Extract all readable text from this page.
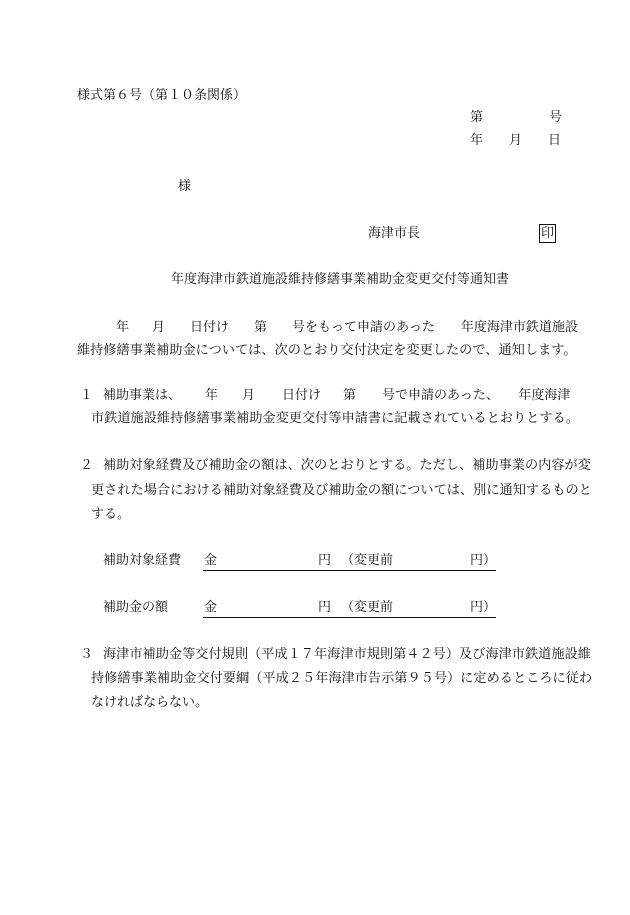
様式第６号（第１０条関係）
第	号
年 月 日
様
海津市長	印
年度海津市鉄道施設維持修繕事業補助金変更交付等通知書
年 月 日付け 第 号をもって申請のあった　　年度海津市鉄道施設
維持修繕事業補助金については、次のとおり交付決定を変更したので、通知します。
１ 補助事業は、 年 月 日付け 第 号で申請のあった、　　年度海津
市鉄道施設維持修繕事業補助金変更交付等申請書に記載されているとおりとする。
２ 補助対象経費及び補助金の額は、次のとおりとする。ただし、補助事業の内容が変
更された場合における補助対象経費及び補助金の額については、別に通知するものと
する。
補助対象経費 金	円 （変更前	円）
補助金の額	金	円 （変更前	円）
３ 海津市補助金等交付規則（平成１７年海津市規則第４２号）及び海津市鉄道施設維
持修繕事業補助金交付要綱（平成２５年海津市告示第９５号）に定めるところに従わ
なければならない。
